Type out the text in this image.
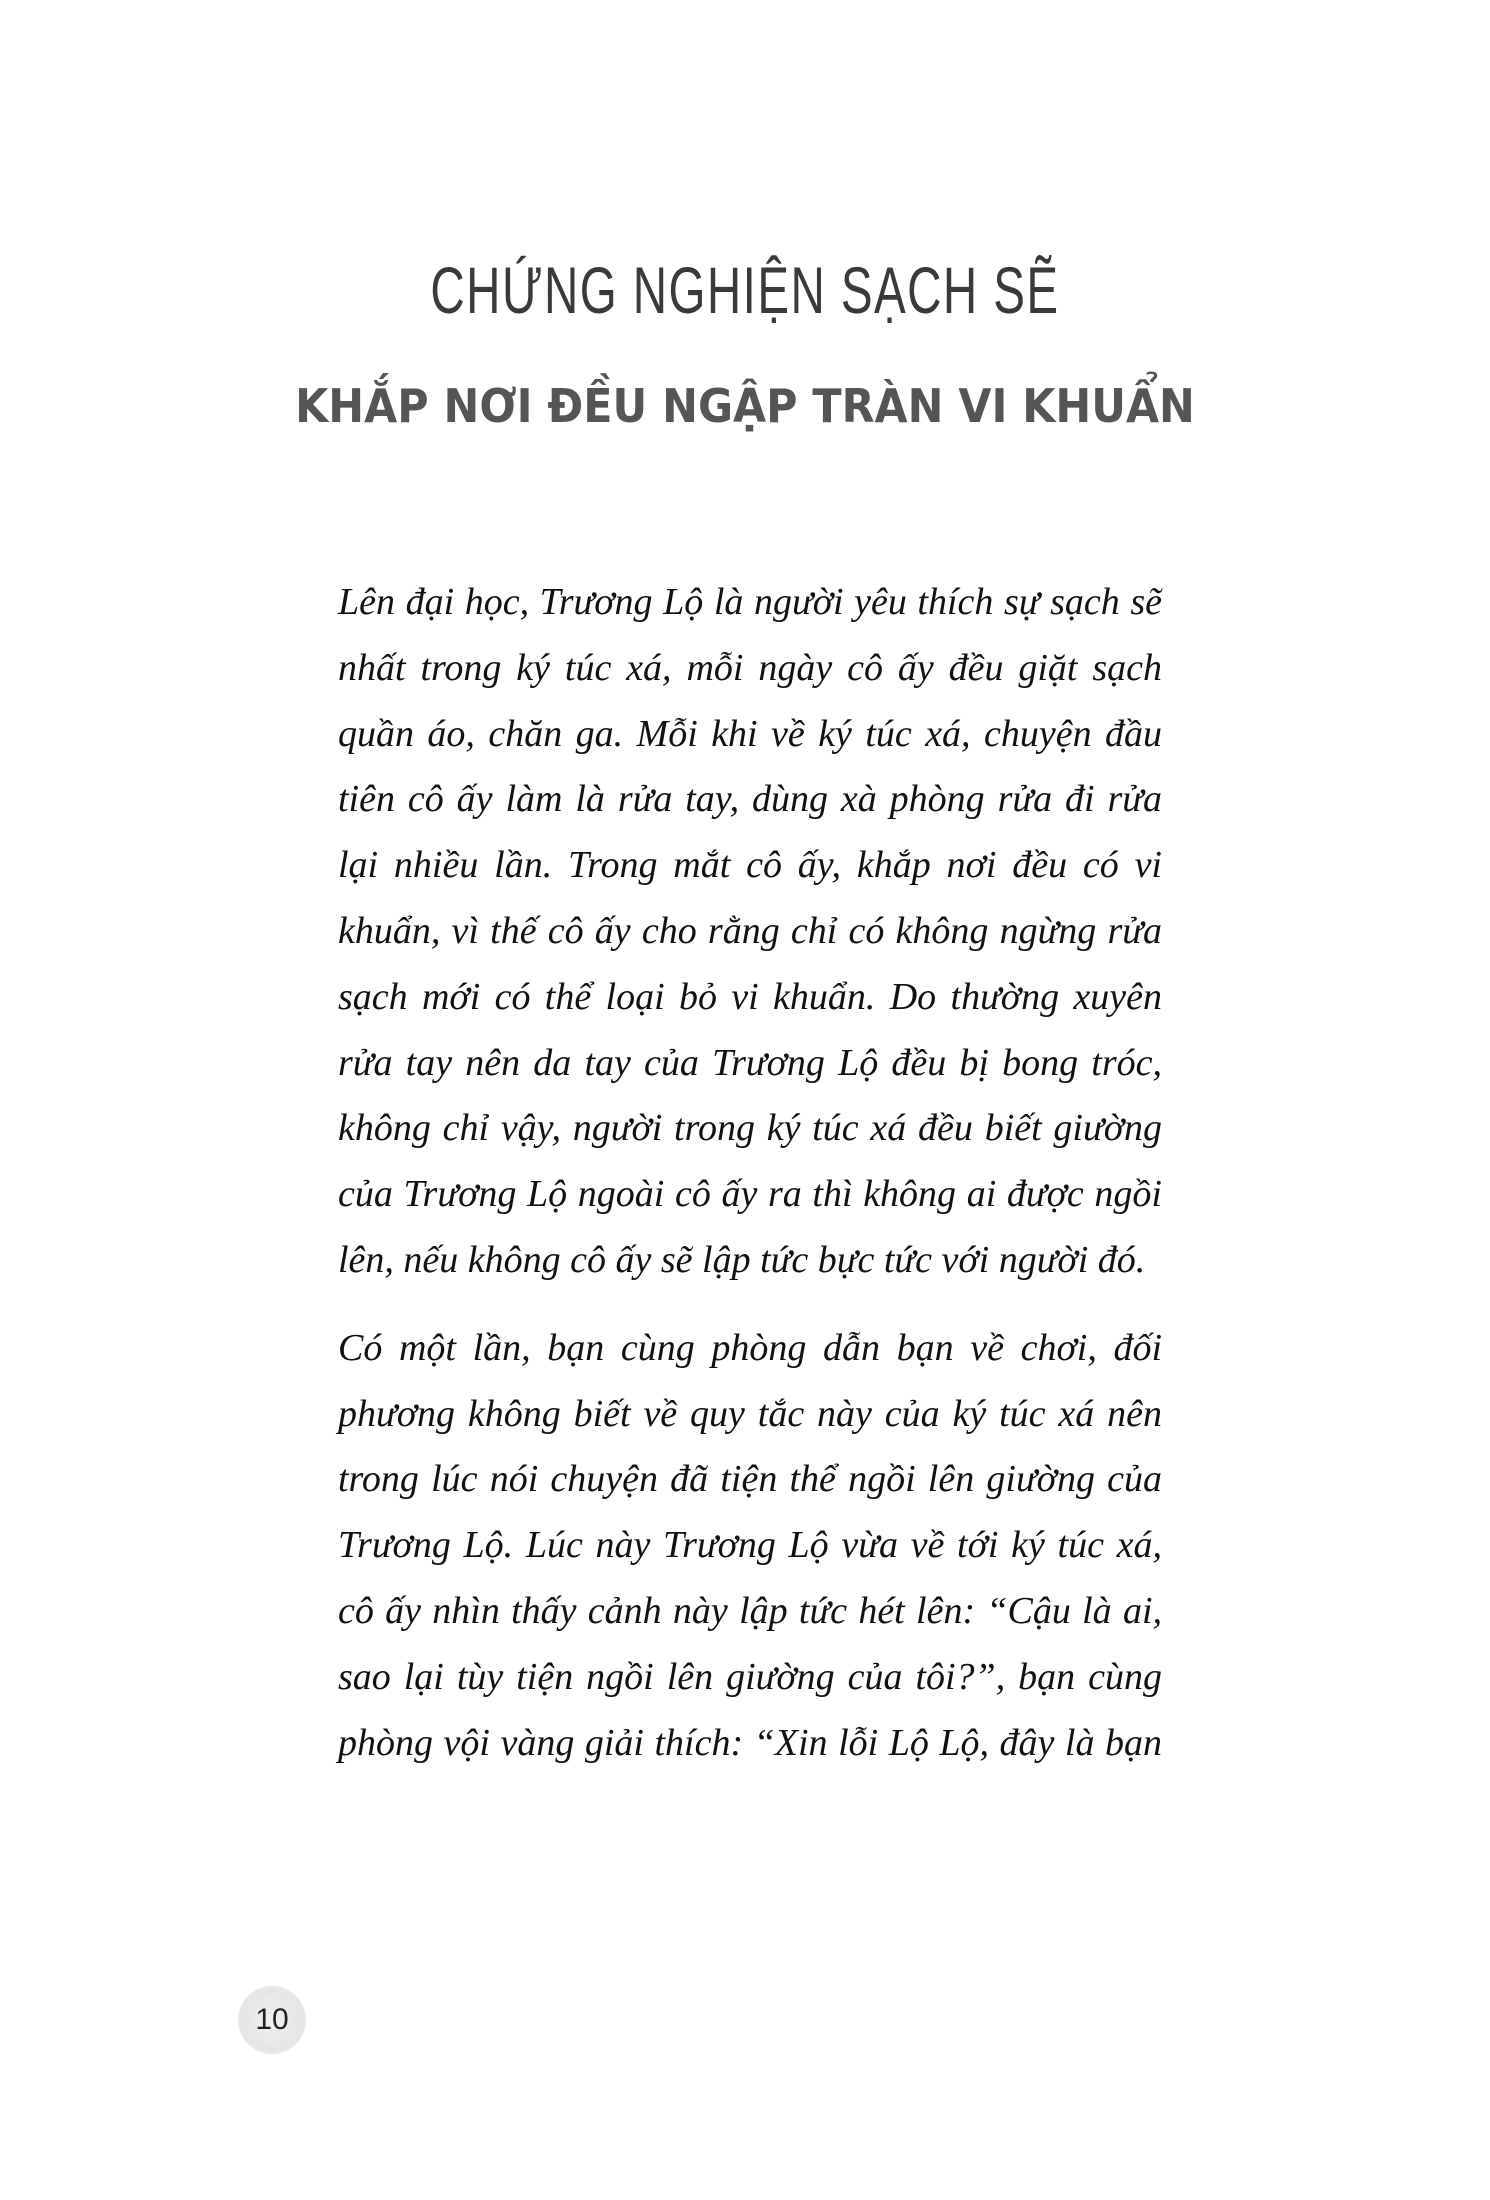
CHỨNG NGHIỆN SẠCH SẼ
KHẮP NƠI ĐỀU NGẬP TRÀN VI KHUẨN

Lên đại học, Trương Lộ là người yêu thích sự sạch sẽ nhất trong ký túc xá, mỗi ngày cô ấy đều giặt sạch quần áo, chăn ga. Mỗi khi về ký túc xá, chuyện đầu tiên cô ấy làm là rửa tay, dùng xà phòng rửa đi rửa lại nhiều lần. Trong mắt cô ấy, khắp nơi đều có vi khuẩn, vì thế cô ấy cho rằng chỉ có không ngừng rửa sạch mới có thể loại bỏ vi khuẩn. Do thường xuyên rửa tay nên da tay của Trương Lộ đều bị bong tróc, không chỉ vậy, người trong ký túc xá đều biết giường của Trương Lộ ngoài cô ấy ra thì không ai được ngồi lên, nếu không cô ấy sẽ lập tức bực tức với người đó.

Có một lần, bạn cùng phòng dẫn bạn về chơi, đối phương không biết về quy tắc này của ký túc xá nên trong lúc nói chuyện đã tiện thể ngồi lên giường của Trương Lộ. Lúc này Trương Lộ vừa về tới ký túc xá, cô ấy nhìn thấy cảnh này lập tức hét lên: “Cậu là ai, sao lại tùy tiện ngồi lên giường của tôi?”, bạn cùng phòng vội vàng giải thích: “Xin lỗi Lộ Lộ, đây là bạn

10
